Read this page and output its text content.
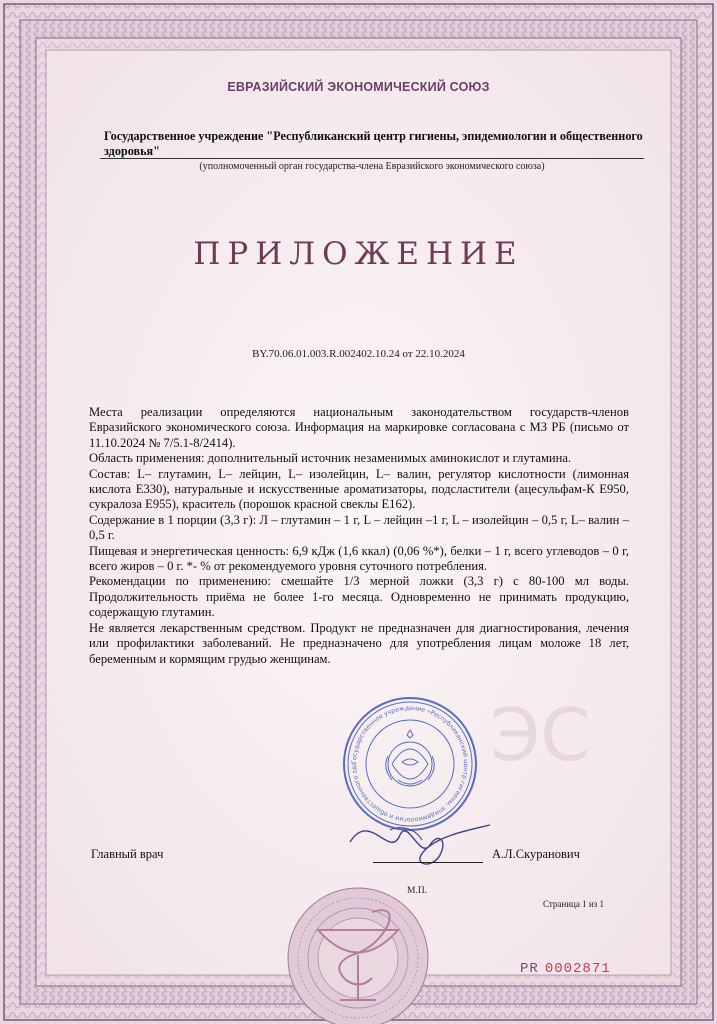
ЭС
ЕВРАЗИЙСКИЙ ЭКОНОМИЧЕСКИЙ СОЮЗ
Государственное учреждение "Республиканский центр гигиены, эпидемиологии и общественного здоровья"
(уполномоченный орган государства-члена Евразийского экономического союза)
ПРИЛОЖЕНИЕ
BY.70.06.01.003.R.002402.10.24 от 22.10.2024

Места реализации определяются национальным законодательством государств-членов Евразийского экономического союза. Информация на маркировке согласована с МЗ РБ (письмо от 11.10.2024 № 7/5.1-8/2414).

Область применения: дополнительный источник незаменимых аминокислот и глутамина.

Состав: L– глутамин, L– лейцин, L– изолейцин, L– валин, регулятор кислотности (лимонная кислота Е330), натуральные и искусственные ароматизаторы, подсластители (ацесульфам-К Е950, сукралоза Е955), краситель (порошок красной свеклы Е162).

Содержание в 1 порции (3,3 г): Л – глутамин – 1 г, L – лейцин –1 г, L – изолейцин – 0,5 г, L– валин – 0,5 г.

Пищевая и энергетическая ценность: 6,9 кДж (1,6 ккал) (0,06 %*), белки – 1 г, всего углеводов – 0 г, всего жиров – 0 г. *- % от рекомендуемого уровня суточного потребления.

Рекомендации по применению: смешайте 1/3 мерной ложки (3,3 г) с 80-100 мл воды. Продолжительность приёма не более 1-го месяца. Одновременно не принимать продукцию, содержащую глутамин.

Не является лекарственным средством. Продукт не предназначен для диагностирования, лечения или профилактики заболеваний. Не предназначено для употребления лицам моложе 18 лет, беременным и кормящим грудью женщинам.

Государственное учреждение «Республиканский центр гигиены, эпидемиологии и общественного здо
Главный врач	А.Л.Скуранович
М.П.
Страница 1 из 1
PR 0002871
